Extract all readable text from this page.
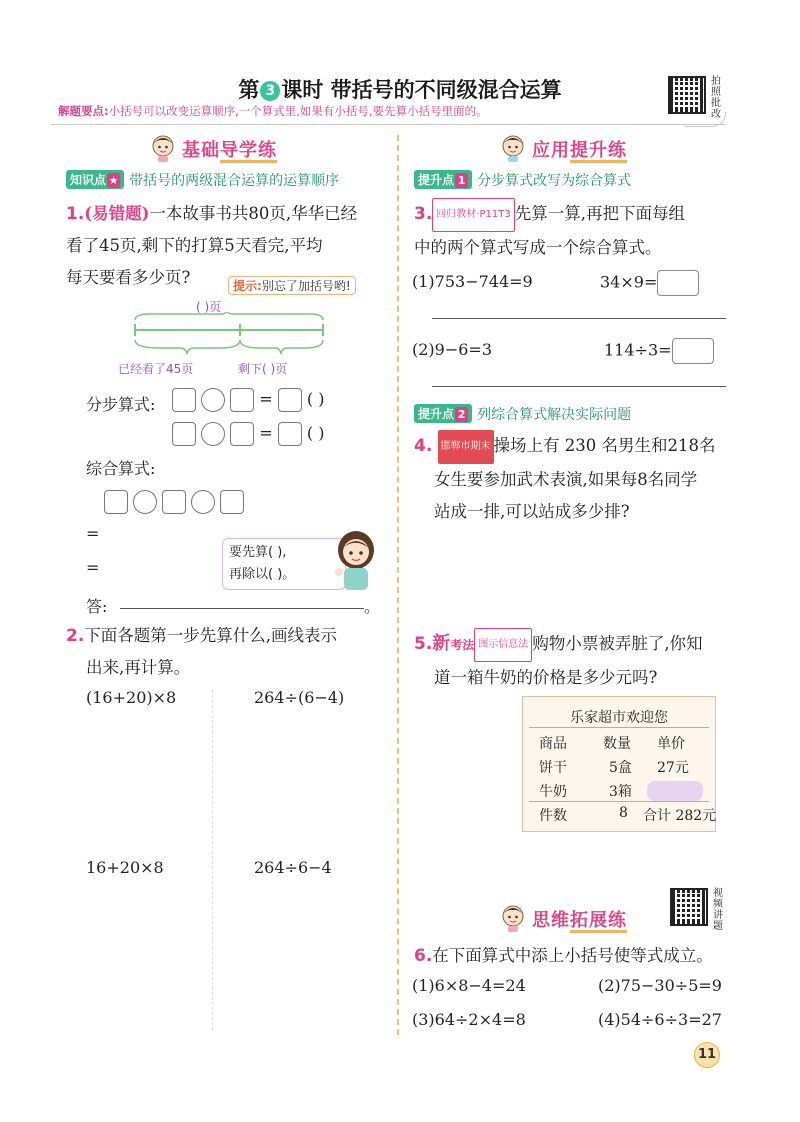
第 3 课时 带括号的不同级混合运算	拍
照
批
改
解题要点:小括号可以改变运算顺序,一个算式里,如果有小括号,要先算小括号里面的。
基础导学练
知识点 ★ 带括号的两级混合运算的运算顺序
1.(易错题)一本故事书共80页,华华已经
看了45页,剩下的打算5天看完,平均
每天要看多少页?	提示:别忘了加括号哟!
( )页
已经看了45页	剩下( )页
分步算式:	= ( )
= ( )
综合算式:

=
=
要先算( ),
再除以( )。
答:	。
2.下面各题第一步先算什么,画线表示
出来,再计算。
(16+20)×8	264÷(6−4)
16+20×8	264÷6−4
应用提升练
提升点 1 分步算式改写为综合算式
3. 回归教材·P11T3 先算一算,再把下面每组
中的两个算式写成一个综合算式。
(1)753−744=9	34×9=
(2)9−6=3	114÷3=
提升点 2 列综合算式解决实际问题
4. 邯郸市期末 操场上有 230 名男生和218名
女生要参加武术表演,如果每8名同学
站成一排,可以站成多少排?
5.新考法 图示信息法 购物小票被弄脏了,你知
道一箱牛奶的价格是多少元吗?
乐家超市欢迎您
商品	数量 单价
饼干	5盒 27元
牛奶	3箱
件数	8 合计 282元
视
频
讲
题
思维拓展练
6.在下面算式中添上小括号使等式成立。
(1)6×8−4=24	(2)75−30÷5=9
(3)64÷2×4=8	(4)54÷6÷3=27
11
